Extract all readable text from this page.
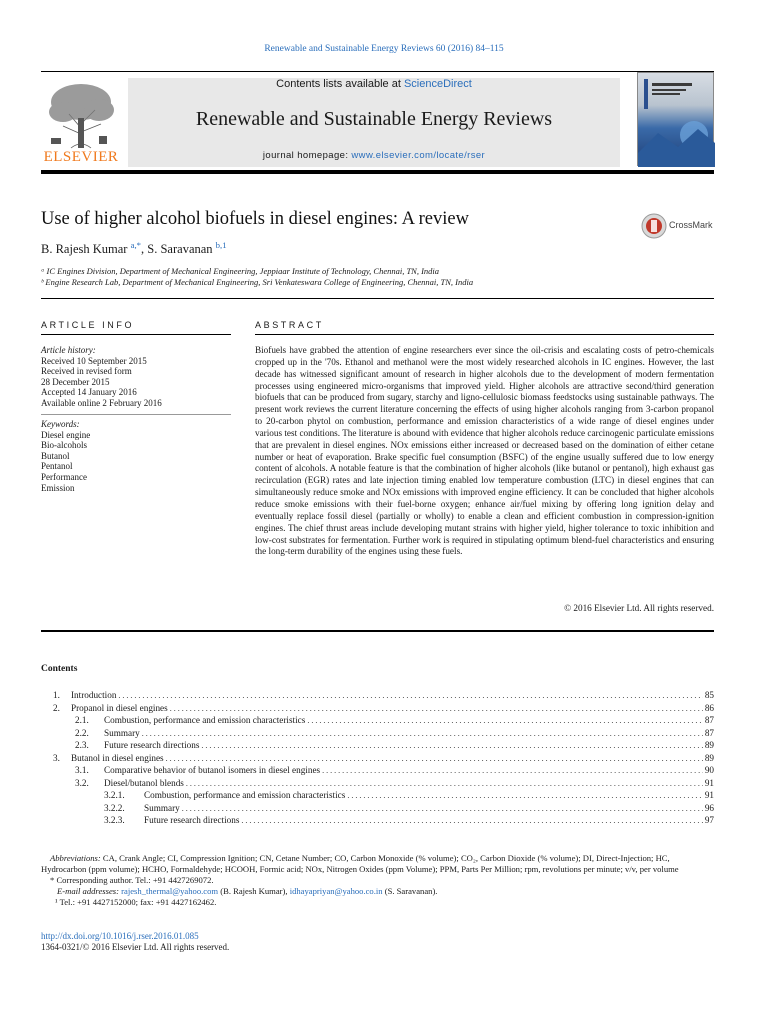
Renewable and Sustainable Energy Reviews 60 (2016) 84–115
ELSEVIER
Contents lists available at ScienceDirect
Renewable and Sustainable Energy Reviews
journal homepage: www.elsevier.com/locate/rser
Use of higher alcohol biofuels in diesel engines: A review	CrossMark
B. Rajesh Kumar $^{a,*}$, S. Saravanan $^{b,1}$
ᵃ IC Engines Division, Department of Mechanical Engineering, Jeppiaar Institute of Technology, Chennai, TN, India
ᵇ Engine Research Lab, Department of Mechanical Engineering, Sri Venkateswara College of Engineering, Chennai, TN, India
ARTICLE INFO
Article history:
Received 10 September 2015
Received in revised form
28 December 2015
Accepted 14 January 2016
Available online 2 February 2016
Keywords:
Diesel engine
Bio-alcohols
Butanol
Pentanol
Performance
Emission
ABSTRACT
Biofuels have grabbed the attention of engine researchers ever since the oil-crisis and escalating costs of petro-chemicals cropped up in the '70s. Ethanol and methanol were the most widely researched alcohols in IC engines. However, the last decade has witnessed significant amount of research in higher alcohols due to the development of modern fermentation processes using engineered micro-organisms that improved yield. Higher alcohols are attractive second/third generation biofuels that can be produced from sugary, starchy and ligno-cellulosic biomass feedstocks using sustainable pathways. The present work reviews the current literature concerning the effects of using higher alcohols ranging from 3-carbon propanol to 20-carbon phytol on combustion, performance and emission characteristics of a wide range of diesel engines under various test conditions. The literature is abound with evidence that higher alcohols reduce carcinogenic particulate emissions that are prevalent in diesel engines. NOx emissions either increased or decreased based on the domination of either cetane number or heat of evaporation. Brake specific fuel consumption (BSFC) of the engine usually suffered due to low energy content of alcohols. A notable feature is that the combination of higher alcohols (like butanol or pentanol), high exhaust gas recirculation (EGR) rates and late injection timing enabled low temperature combustion (LTC) in diesel engines that can simultaneously reduce smoke and NOx emissions with improved engine efficiency. It can be concluded that higher alcohols reduce smoke emissions with their fuel-borne oxygen; enhance air/fuel mixing by offering long ignition delay and eventually replace fossil diesel (partially or wholly) to enable a clean and efficient combustion in compression-ignition engines. The chief thrust areas include developing mutant strains with higher yield, higher tolerance to toxic inhibition and low-cost substrates for fermentation. Further work is required in stipulating optimum blend-fuel characteristics and ensuring the long-term durability of the engines using these fuels.
© 2016 Elsevier Ltd. All rights reserved.
Contents
1.	Introduction . . .	85
2.	Propanol in diesel engines . . .	86
2.1.	Combustion, performance and emission characteristics . . .	87
2.2.	Summary . . .	87
2.3.	Future research directions . . .	89
3.	Butanol in diesel engines . . .	89
3.1.	Comparative behavior of butanol isomers in diesel engines . . .	90
3.2.	Diesel/butanol blends . . .	91
3.2.1.	Combustion, performance and emission characteristics . . .	91
3.2.2.	Summary . . .	96
3.2.3.	Future research directions . . .	97

Abbreviations: CA, Crank Angle; CI, Compression Ignition; CN, Cetane Number; CO, Carbon Monoxide (% volume); CO₂, Carbon Dioxide (% volume); DI, Direct-Injection; HC, Hydrocarbon (ppm volume); HCHO, Formaldehyde; HCOOH, Formic acid; NOx, Nitrogen Oxides (ppm Volume); PPM, Parts Per Million; rpm, revolutions per minute; v/v, per volume

* Corresponding author. Tel.: +91 4427269072.

E-mail addresses: rajesh_thermal@yahoo.com (B. Rajesh Kumar), idhayapriyan@yahoo.co.in (S. Saravanan).

¹ Tel.: +91 4427152000; fax: +91 4427162462.

http://dx.doi.org/10.1016/j.rser.2016.01.085
1364-0321/© 2016 Elsevier Ltd. All rights reserved.
